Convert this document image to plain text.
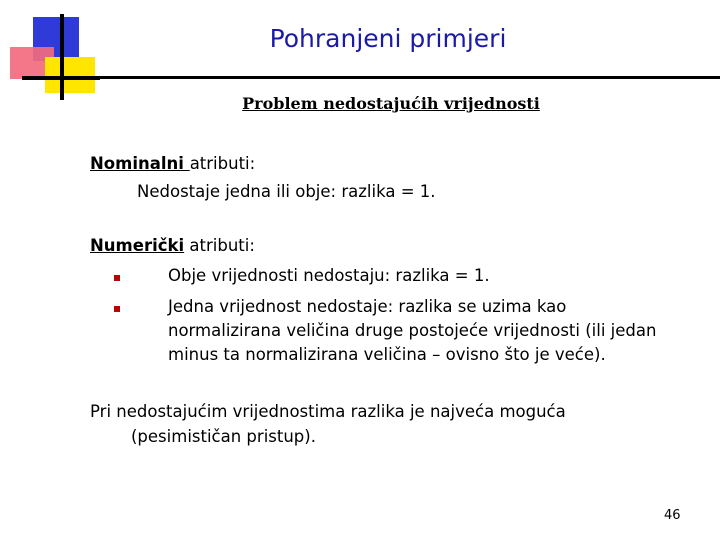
Pohranjeni primjeri
Problem nedostajućih vrijednosti
Nominalni atributi:
Nedostaje jedna ili obje: razlika = 1.
Numerički atributi:
Obje vrijednosti nedostaju: razlika = 1.
Jedna vrijednost nedostaje: razlika se uzima kao
normalizirana veličina druge postojeće vrijednosti (ili jedan
minus ta normalizirana veličina – ovisno što je veće).
Pri nedostajućim vrijednostima razlika je najveća moguća
(pesimističan pristup).
46
